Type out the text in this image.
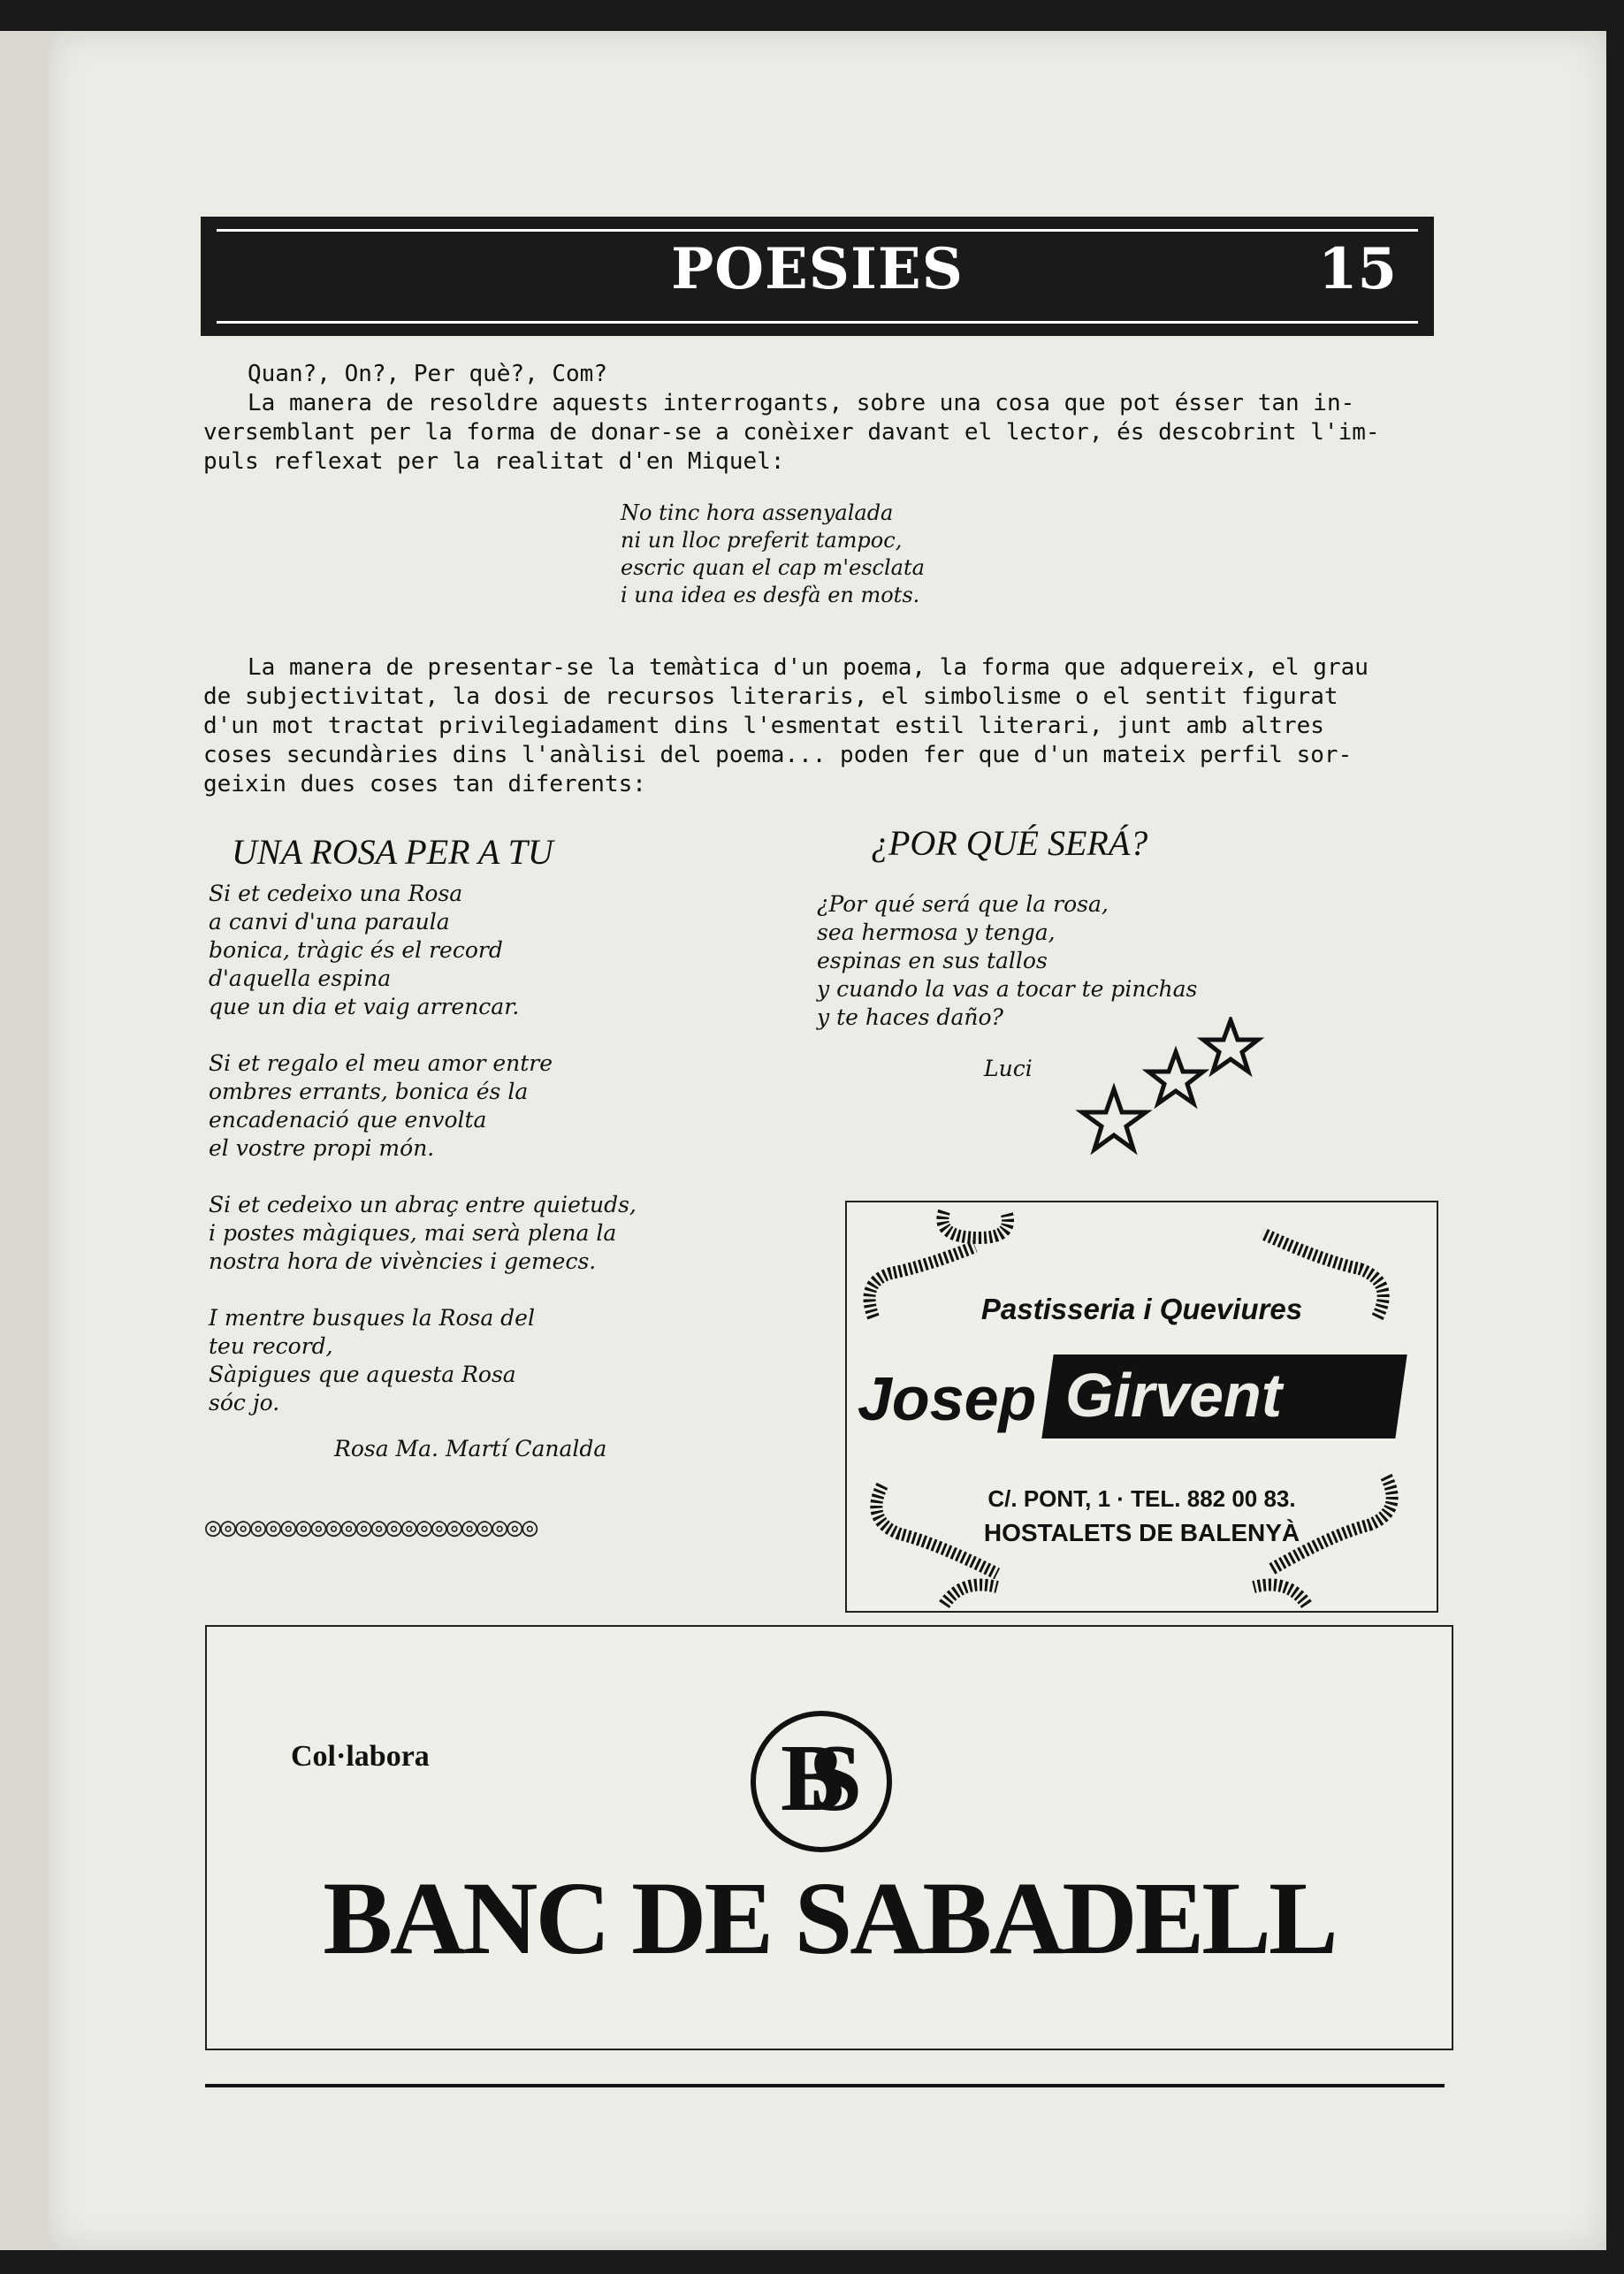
POESIES	15
Quan?, On?, Per què?, Com?
La manera de resoldre aquests interrogants, sobre una cosa que pot ésser tan in-
versemblant per la forma de donar-se a conèixer davant el lector, és descobrint l'im-
puls reflexat per la realitat d'en Miquel:
No tinc hora assenyalada
ni un lloc preferit tampoc,
escric quan el cap m'esclata
i una idea es desfà en mots.
La manera de presentar-se la temàtica d'un poema, la forma que adquereix, el grau
de subjectivitat, la dosi de recursos literaris, el simbolisme o el sentit figurat
d'un mot tractat privilegiadament dins l'esmentat estil literari, junt amb altres
coses secundàries dins l'anàlisi del poema... poden fer que d'un mateix perfil sor-
geixin dues coses tan diferents:
UNA ROSA PER A TU
Si et cedeixo una Rosa
a canvi d'una paraula
bonica, tràgic és el record
d'aquella espina
que un dia et vaig arrencar.
Si et regalo el meu amor entre
ombres errants, bonica és la
encadenació que envolta
el vostre propi món.
Si et cedeixo un abraç entre quietuds,
i postes màgiques, mai serà plena la
nostra hora de vivències i gemecs.
I mentre busques la Rosa del
teu record,
Sàpigues que aquesta Rosa
sóc jo.
Rosa Ma. Martí Canalda
◎◎◎◎◎◎◎◎◎◎◎◎◎◎◎◎◎◎◎◎◎◎
¿POR QUÉ SERÁ?
¿Por qué será que la rosa,
sea hermosa y tenga,
espinas en sus tallos
y cuando la vas a tocar te pinchas
y te haces daño?
Luci
Pastisseria i Queviures
Josep Girvent
C/. PONT, 1 · TEL. 882 00 83.
HOSTALETS DE BALENYÀ
Col·labora	BS
BANC DE SABADELL
